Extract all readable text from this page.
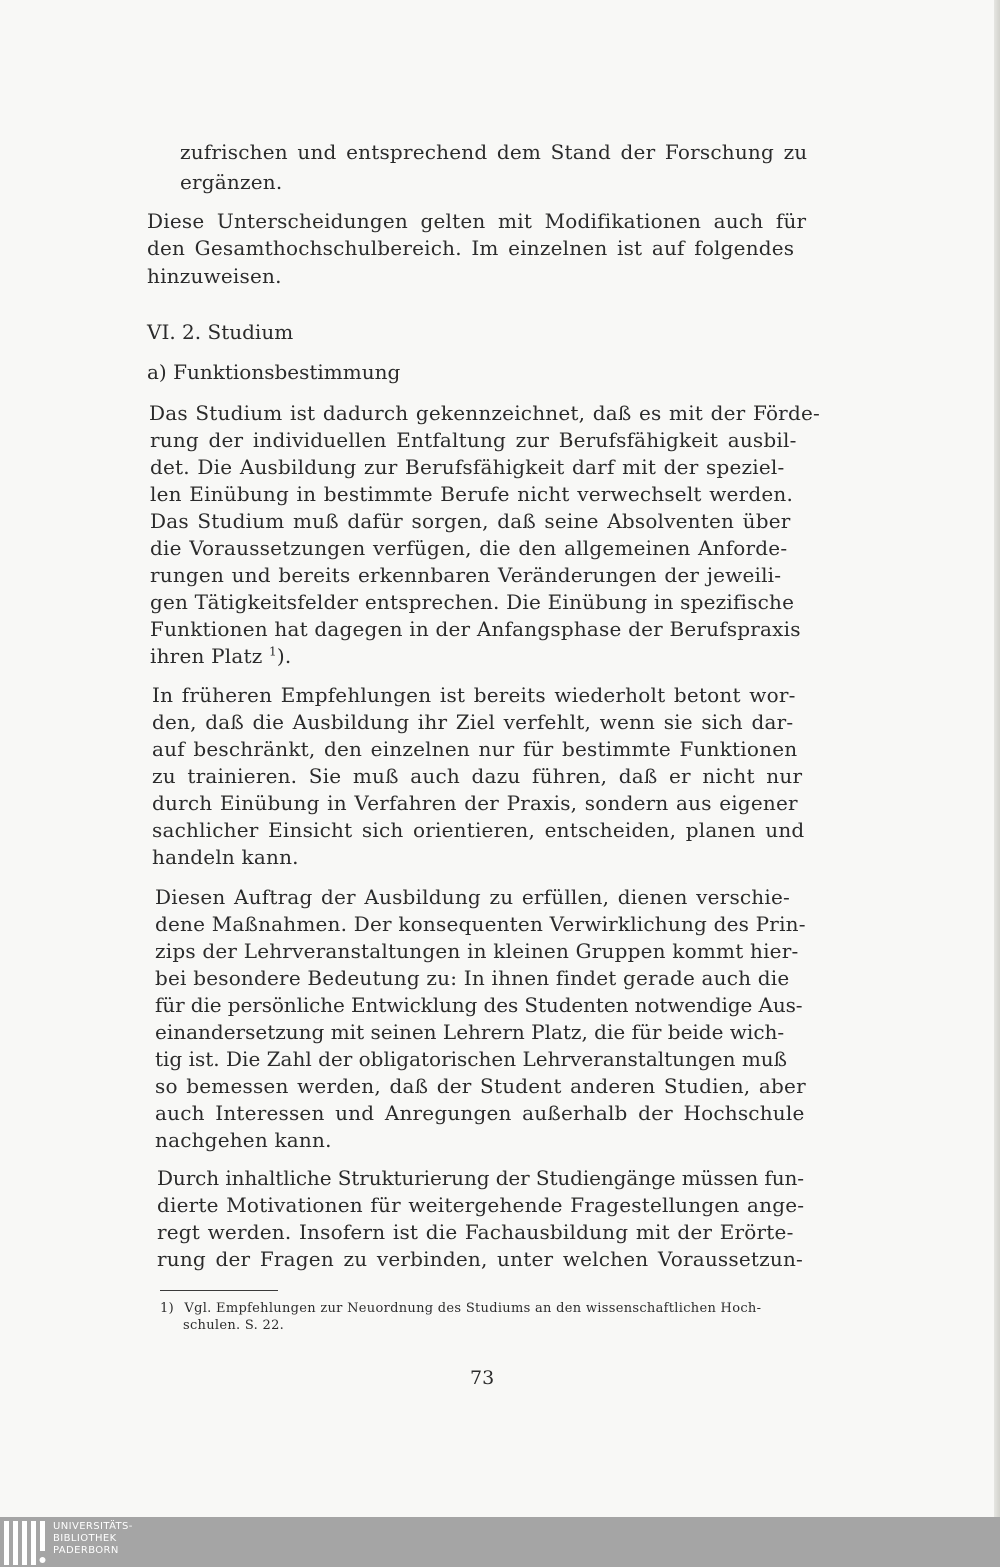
zufrischen und entsprechend dem Stand der Forschung zu
ergänzen.
Diese Unterscheidungen gelten mit Modifikationen auch für
den Gesamthochschulbereich. Im einzelnen ist auf folgendes
hinzuweisen.
VI. 2. Studium
a) Funktionsbestimmung
Das Studium ist dadurch gekennzeichnet, daß es mit der Förde-
rung der individuellen Entfaltung zur Berufsfähigkeit ausbil-
det. Die Ausbildung zur Berufsfähigkeit darf mit der speziel-
len Einübung in bestimmte Berufe nicht verwechselt werden.
Das Studium muß dafür sorgen, daß seine Absolventen über
die Voraussetzungen verfügen, die den allgemeinen Anforde-
rungen und bereits erkennbaren Veränderungen der jeweili-
gen Tätigkeitsfelder entsprechen. Die Einübung in spezifische
Funktionen hat dagegen in der Anfangsphase der Berufspraxis
ihren Platz $^1$).
In früheren Empfehlungen ist bereits wiederholt betont wor-
den, daß die Ausbildung ihr Ziel verfehlt, wenn sie sich dar-
auf beschränkt, den einzelnen nur für bestimmte Funktionen
zu trainieren. Sie muß auch dazu führen, daß er nicht nur
durch Einübung in Verfahren der Praxis, sondern aus eigener
sachlicher Einsicht sich orientieren, entscheiden, planen und
handeln kann.
Diesen Auftrag der Ausbildung zu erfüllen, dienen verschie-
dene Maßnahmen. Der konsequenten Verwirklichung des Prin-
zips der Lehrveranstaltungen in kleinen Gruppen kommt hier-
bei besondere Bedeutung zu: In ihnen findet gerade auch die
für die persönliche Entwicklung des Studenten notwendige Aus-
einandersetzung mit seinen Lehrern Platz, die für beide wich-
tig ist. Die Zahl der obligatorischen Lehrveranstaltungen muß
so bemessen werden, daß der Student anderen Studien, aber
auch Interessen und Anregungen außerhalb der Hochschule
nachgehen kann.
Durch inhaltliche Strukturierung der Studiengänge müssen fun-
dierte Motivationen für weitergehende Fragestellungen ange-
regt werden. Insofern ist die Fachausbildung mit der Erörte-
rung der Fragen zu verbinden, unter welchen Voraussetzun-
1) Vgl. Empfehlungen zur Neuordnung des Studiums an den wissenschaftlichen Hoch-
schulen. S. 22.
73
UNIVERSITÄTS-
BIBLIOTHEK
PADERBORN
